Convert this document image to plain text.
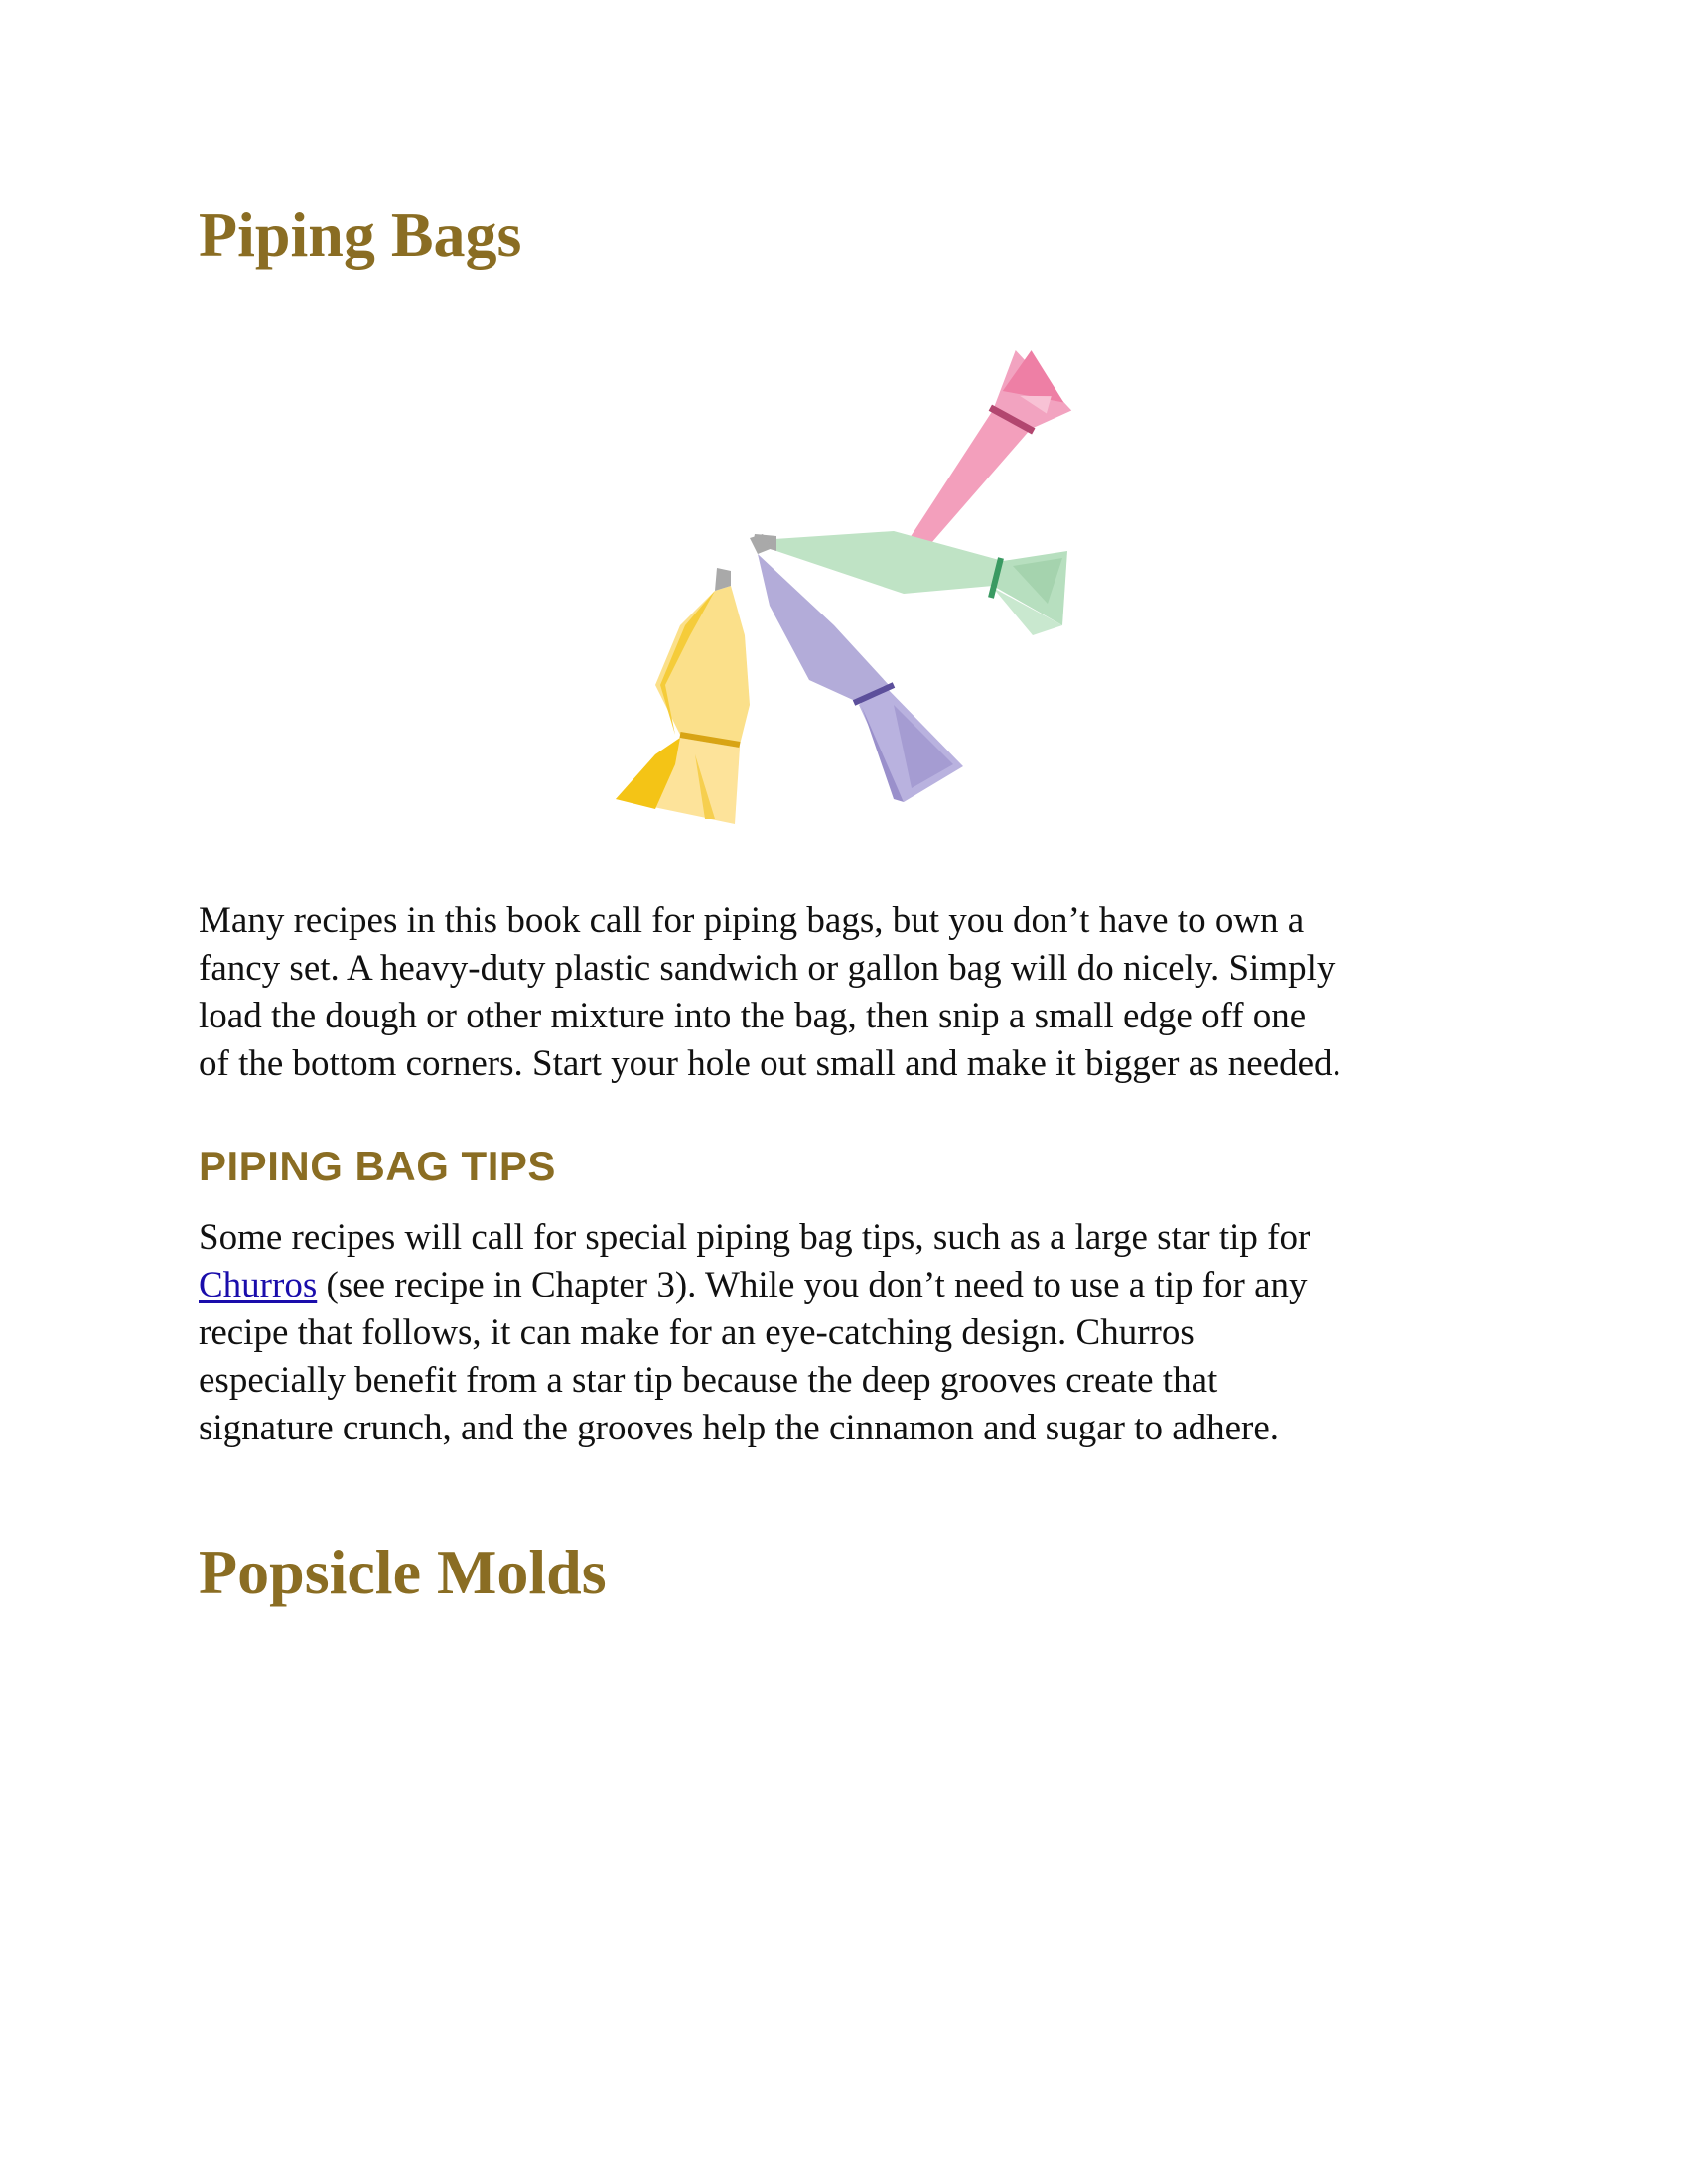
Piping Bags

Many recipes in this book call for piping bags, but you don’t have to own a
fancy set. A heavy-duty plastic sandwich or gallon bag will do nicely. Simply
load the dough or other mixture into the bag, then snip a small edge off one
of the bottom corners. Start your hole out small and make it bigger as needed.

PIPING BAG TIPS

Some recipes will call for special piping bag tips, such as a large star tip for
Churros (see recipe in Chapter 3). While you don’t need to use a tip for any
recipe that follows, it can make for an eye-catching design. Churros
especially benefit from a star tip because the deep grooves create that
signature crunch, and the grooves help the cinnamon and sugar to adhere.

Popsicle Molds
